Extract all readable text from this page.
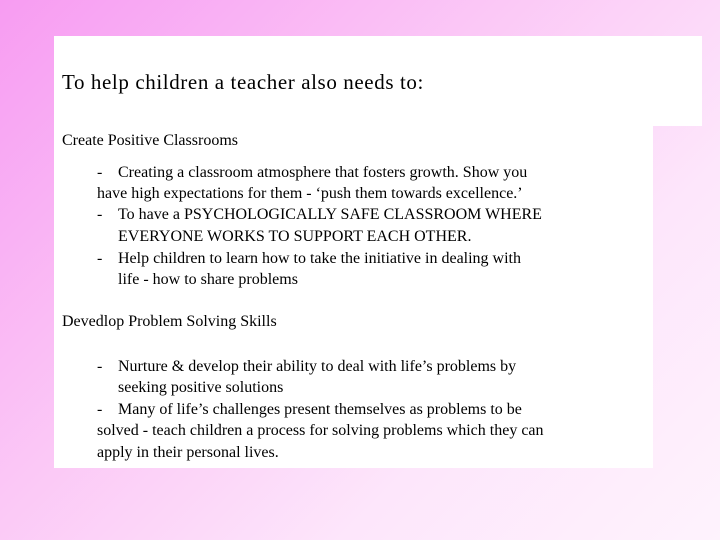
To help children a teacher also needs to:

Create Positive Classrooms

- Creating a classroom atmosphere that fosters growth. Show you
have high expectations for them - ‘push them towards excellence.’
- To have a PSYCHOLOGICALLY SAFE CLASSROOM WHERE
EVERYONE WORKS TO SUPPORT EACH OTHER.
- Help children to learn how to take the initiative in dealing with
life - how to share problems

Devedlop Problem Solving Skills

- Nurture & develop their ability to deal with life’s problems by
seeking positive solutions
- Many of life’s challenges present themselves as problems to be
solved - teach children a process for solving problems which they can
apply in their personal lives.
